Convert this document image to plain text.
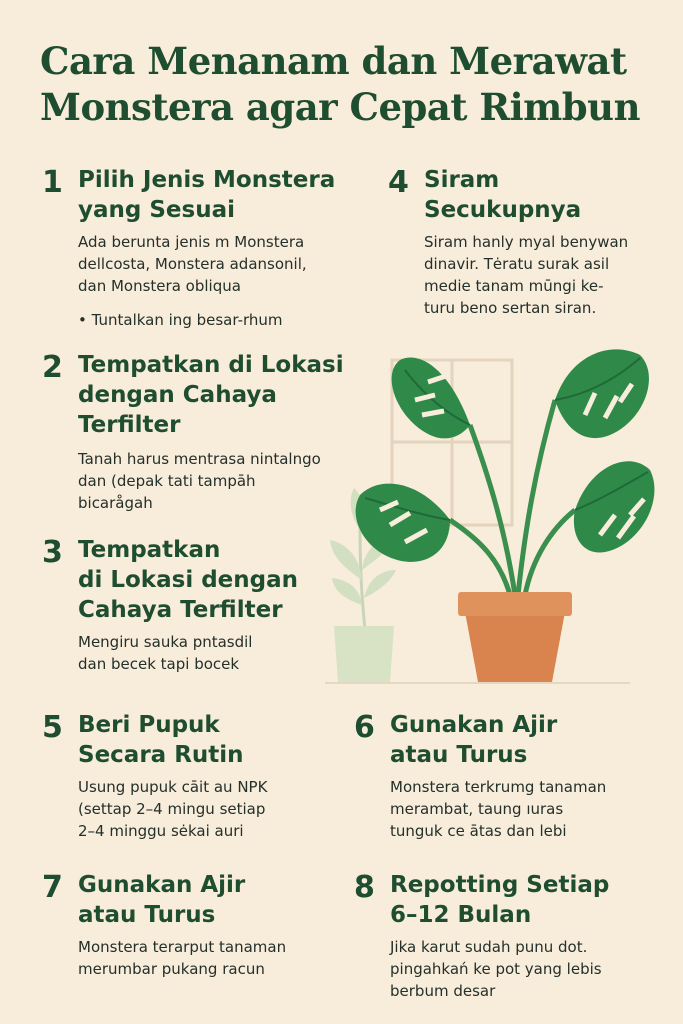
Cara Menanam dan Merawat
Monstera agar Cepat Rimbun
1 Pilih Jenis Monstera
yang Sesuai
Ada berunta jenis m Monstera
dellcosta, Monstera adansonil,
dan Monstera obliqua
• Tuntalkan ing besar-rhum
4 Siram
Secukupnya
Siram hanly myal benywan
dinavir. Tėratu surak asil
medie tanam mūngi ke-
turu beno sertan siran.
2 Tempatkan di Lokasi
dengan Cahaya
Terfilter
Tanah harus mentrasa nintalngo
dan (depak tati tampāh
bicarågah
3 Tempatkan
di Lokasi dengan
Cahaya Terfilter
Mengiru sauka pntasdil
dan becek tapi bocek
5 Beri Pupuk
Secara Rutin
Usung pupuk cāit au NPK
(settap 2–4 mingu setiap
2–4 minggu sėkai auri
6 Gunakan Ajir
atau Turus
Monstera terkrumg tanaman
merambat, taung ıuras
tunguk ce ātas dan lebi
7 Gunakan Ajir
atau Turus
Monstera terarput tanaman
merumbar pukang racun
8 Repotting Setiap
6–12 Bulan
Jika karut sudah punu dot.
pingahkań ke pot yang lebis
berbum desar
